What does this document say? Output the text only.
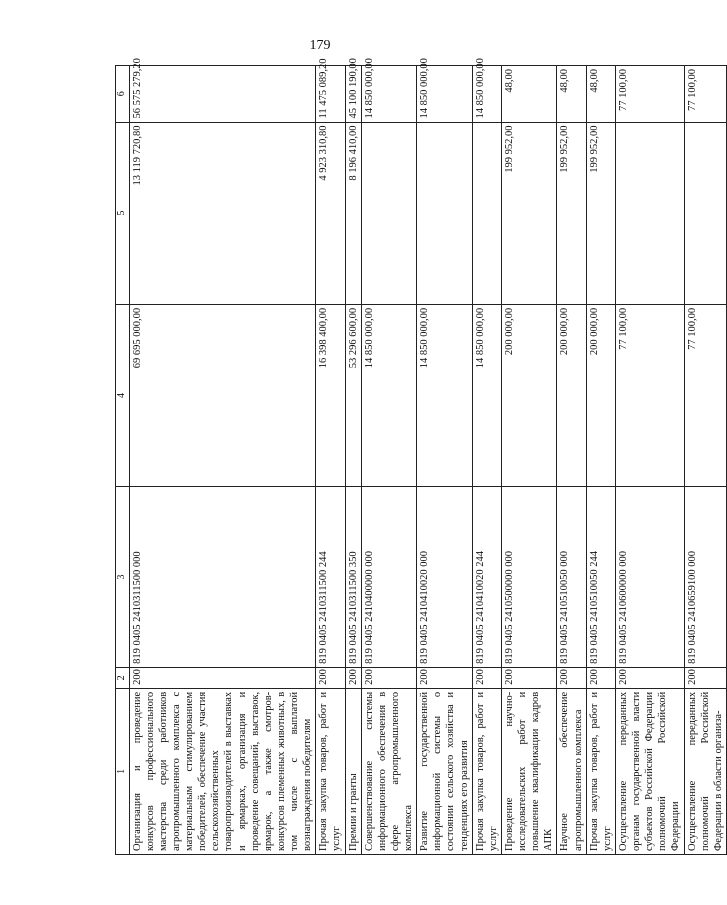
179
1	2	3	4	5	6
Организация и проведение конкурсов профессионального мастерства среди работников агропромышленного комплекса с материальным стимулированием победителей, обеспечение участия сельскохозяйственных товаропроизводителей в выставках и ярмарках, организация и проведение совещаний, выставок, ярмарок, а также смотров-конкурсов племенных животных, в том числе с выплатой вознаграждения победителям	200	819 0405 2410311500 000	69 695 000,00	13 119 720,80	56 575 279,20
Прочая закупка товаров, работ и услуг	200	819 0405 2410311500 244	16 398 400,00	4 923 310,80	11 475 089,20
Премии и гранты	200	819 0405 2410311500 350	53 296 600,00	8 196 410,00	45 100 190,00
Совершенствование системы информационного обеспечения в сфере агропромышленного комплекса	200	819 0405 2410400000 000	14 850 000,00		14 850 000,00
Развитие государственной информационной системы о состоянии сельского хозяйства и тенденциях его развития	200	819 0405 2410410020 000	14 850 000,00		14 850 000,00
Прочая закупка товаров, работ и услуг	200	819 0405 2410410020 244	14 850 000,00		14 850 000,00
Проведение научно-исследовательских работ и повышение квалификации кадров АПК	200	819 0405 2410500000 000	200 000,00	199 952,00	48,00
Научное обеспечение агропромышленного комплекса	200	819 0405 2410510050 000	200 000,00	199 952,00	48,00
Прочая закупка товаров, работ и услуг	200	819 0405 2410510050 244	200 000,00	199 952,00	48,00
Осуществление переданных органам государственной власти субъектов Российской Федерации полномочий Российской Федерации	200	819 0405 2410600000 000	77 100,00		77 100,00
Осуществление переданных полномочий Российской Федерации в области организа-	200	819 0405 2410659100 000	77 100,00		77 100,00
